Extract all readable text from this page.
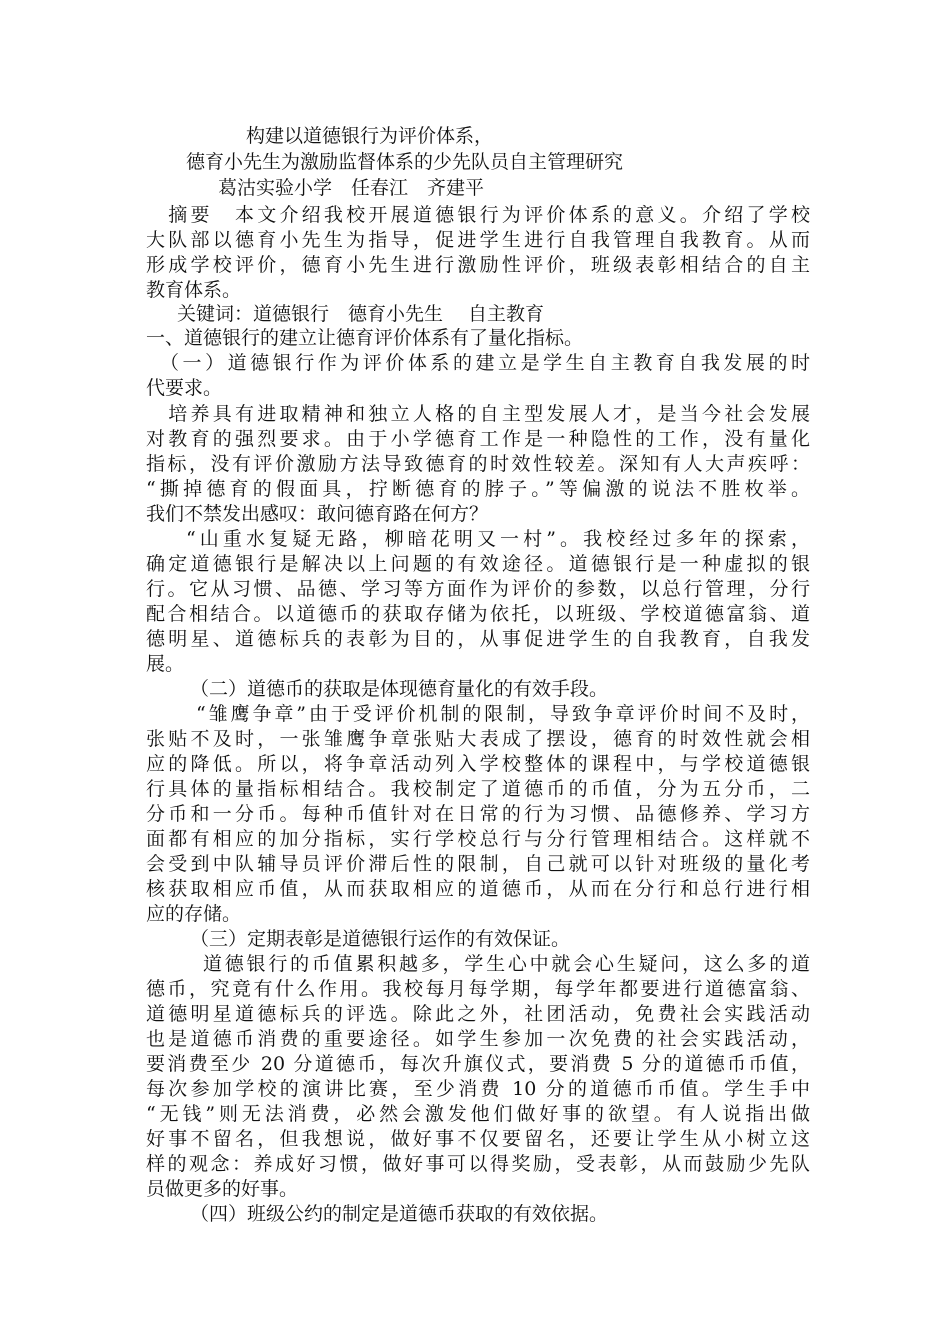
构建以道德银行为评价体系，
德育小先生为激励监督体系的少先队员自主管理研究
葛沽实验小学　任春江　齐建平
　摘要　本文介绍我校开展道德银行为评价体系的意义。介绍了学校
大队部以德育小先生为指导，促进学生进行自我管理自我教育。从而
形成学校评价，德育小先生进行激励性评价，班级表彰相结合的自主
教育体系。
　关键词：道德银行　德育小先生　 自主教育
一、道德银行的建立让德育评价体系有了量化指标。
（一）道德银行作为评价体系的建立是学生自主教育自我发展的时
代要求。
　培养具有进取精神和独立人格的自主型发展人才，是当今社会发展
对教育的强烈要求。由于小学德育工作是一种隐性的工作，没有量化
指标，没有评价激励方法导致德育的时效性较差。深知有人大声疾呼：
“撕掉德育的假面具，拧断德育的脖子。”等偏激的说法不胜枚举。
我们不禁发出感叹：敢问德育路在何方？
“山重水复疑无路，柳暗花明又一村”。我校经过多年的探索，
确定道德银行是解决以上问题的有效途径。道德银行是一种虚拟的银
行。它从习惯、品德、学习等方面作为评价的参数，以总行管理，分行
配合相结合。以道德币的获取存储为依托，以班级、学校道德富翁、道
德明星、道德标兵的表彰为目的，从事促进学生的自我教育，自我发
展。
（二）道德币的获取是体现德育量化的有效手段。
“雏鹰争章”由于受评价机制的限制，导致争章评价时间不及时，
张贴不及时，一张雏鹰争章张贴大表成了摆设，德育的时效性就会相
应的降低。所以，将争章活动列入学校整体的课程中，与学校道德银
行具体的量指标相结合。我校制定了道德币的币值，分为五分币，二
分币和一分币。每种币值针对在日常的行为习惯、品德修养、学习方
面都有相应的加分指标，实行学校总行与分行管理相结合。这样就不
会受到中队辅导员评价滞后性的限制，自己就可以针对班级的量化考
核获取相应币值，从而获取相应的道德币，从而在分行和总行进行相
应的存储。
（三）定期表彰是道德银行运作的有效保证。
道德银行的币值累积越多，学生心中就会心生疑问，这么多的道
德币，究竟有什么作用。我校每月每学期，每学年都要进行道德富翁、
道德明星道德标兵的评选。除此之外，社团活动，免费社会实践活动
也是道德币消费的重要途径。如学生参加一次免费的社会实践活动，
要消费至少 20 分道德币，每次升旗仪式，要消费 5 分的道德币币值，
每次参加学校的演讲比赛，至少消费 10 分的道德币币值。学生手中
“无钱”则无法消费，必然会激发他们做好事的欲望。有人说指出做
好事不留名，但我想说，做好事不仅要留名，还要让学生从小树立这
样的观念：养成好习惯，做好事可以得奖励，受表彰，从而鼓励少先队
员做更多的好事。
（四）班级公约的制定是道德币获取的有效依据。
